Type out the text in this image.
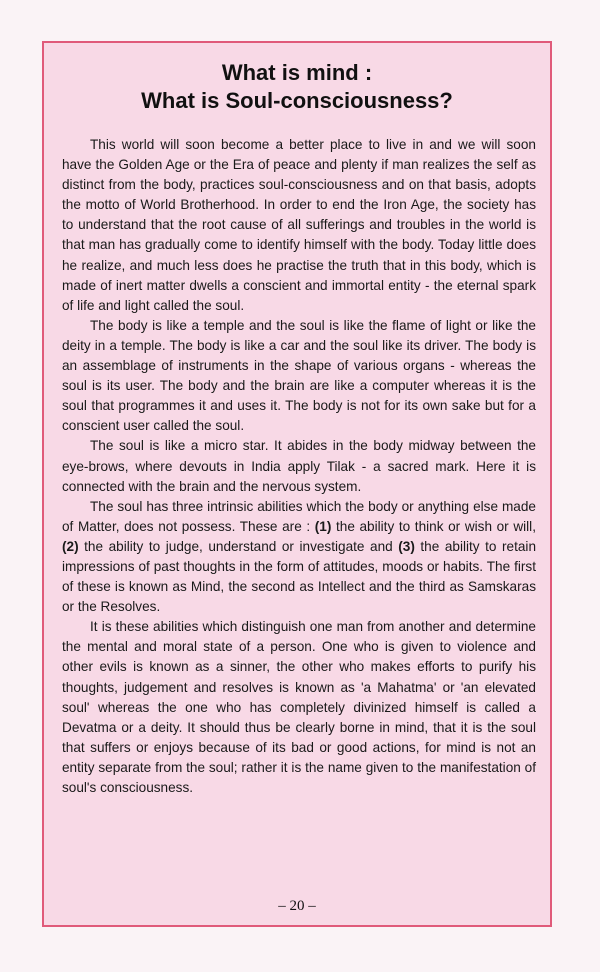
What is mind :
What is Soul-consciousness?

This world will soon become a better place to live in and we will soon have the Golden Age or the Era of peace and plenty if man realizes the self as distinct from the body, practices soul-consciousness and on that basis, adopts the motto of World Brotherhood. In order to end the Iron Age, the society has to understand that the root cause of all sufferings and troubles in the world is that man has gradually come to identify himself with the body. Today little does he realize, and much less does he practise the truth that in this body, which is made of inert matter dwells a conscient and immortal entity - the eternal spark of life and light called the soul.

The body is like a temple and the soul is like the flame of light or like the deity in a temple. The body is like a car and the soul like its driver. The body is an assemblage of instruments in the shape of various organs - whereas the soul is its user. The body and the brain are like a computer whereas it is the soul that programmes it and uses it. The body is not for its own sake but for a conscient user called the soul.

The soul is like a micro star. It abides in the body midway between the eye-brows, where devouts in India apply Tilak - a sacred mark. Here it is connected with the brain and the nervous system.

The soul has three intrinsic abilities which the body or anything else made of Matter, does not possess. These are : (1) the ability to think or wish or will, (2) the ability to judge, understand or investigate and (3) the ability to retain impressions of past thoughts in the form of attitudes, moods or habits. The first of these is known as Mind, the second as Intellect and the third as Samskaras or the Resolves.

It is these abilities which distinguish one man from another and determine the mental and moral state of a person. One who is given to violence and other evils is known as a sinner, the other who makes efforts to purify his thoughts, judgement and resolves is known as 'a Mahatma' or 'an elevated soul' whereas the one who has completely divinized himself is called a Devatma or a deity. It should thus be clearly borne in mind, that it is the soul that suffers or enjoys because of its bad or good actions, for mind is not an entity separate from the soul; rather it is the name given to the manifestation of soul's consciousness.

– 20 –
